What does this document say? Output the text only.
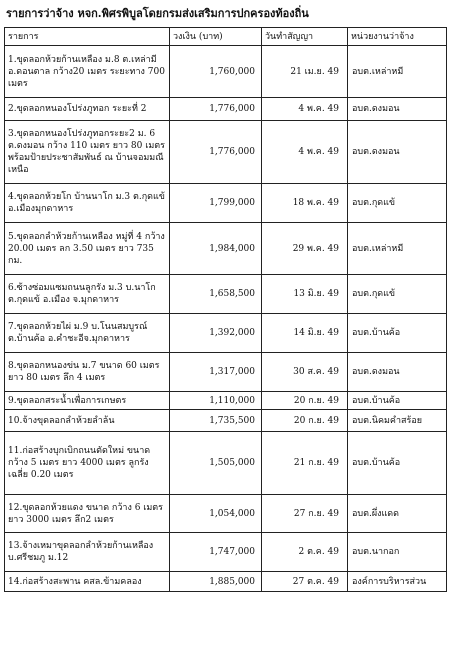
รายการว่าจ้าง หจก.พิศรพิบูลโดยกรมส่งเสริมการปกครองท้องถิ่น
รายการ	วงเงิน (บาท)	วันทำสัญญา	หน่วยงานว่าจ้าง
1.ขุดลอกห้วยก้านเหลือง ม.8 ต.เหล่ามี อ.ดอนตาล กว้าง20 เมตร ระยะทาง 700 เมตร	1,760,000	21 เม.ย. 49	อบต.เหล่าหมี
2.ขุดลอกหนองโปร่งภูทอก ระยะที่ 2	1,776,000	4 พ.ค. 49	อบต.ดงมอน
3.ขุดลอกหนองโปร่งภูทอกระยะ2 ม. 6 ต.ดงมอน กว้าง 110 เมตร ยาว 80 เมตร พร้อมป้ายประชาสัมพันธ์ ณ บ้านจอมมณีเหนือ	1,776,000	4 พ.ค. 49	อบต.ดงมอน
4.ขุดลอกห้วยโก บ้านนาโก ม.3 ต.กุดแข้ อ.เมืองมุกดาหาร	1,799,000	18 พ.ค. 49	อบต.กุดแข้
5.ขุดลอกลำห้วยก้านเหลือง หมู่ที่ 4 กว้าง 20.00 เมตร ลก 3.50 เมตร ยาว 735 กม.	1,984,000	29 พ.ค. 49	อบต.เหล่าหมี
6.ซ้างซ่อมแซมถนนลูกรัง ม.3 บ.นาโก ต.กุดแข้ อ.เมือง จ.มุกดาหาร	1,658,500	13 มิ.ย. 49	อบต.กุดแข้
7.ขุดลอกห้วยไผ่ ม.9 บ.โนนสมบูรณ์ ต.บ้านค้อ อ.คำชะอีจ.มุกดาหาร	1,392,000	14 มิ.ย. 49	อบต.บ้านค้อ
8.ขุดลอกหนองข่น ม.7 ขนาด 60 เมตร ยาว 80 เมตร ลึก 4 เมตร	1,317,000	30 ส.ค. 49	อบต.ดงมอน
9.ขุดลอกสระน้ำเพื่อการเกษตร	1,110,000	20 ก.ย. 49	อบต.บ้านค้อ
10.จ้างขุดลอกลำห้วยลำล้น	1,735,500	20 ก.ย. 49	อบต.นิคมคำสร้อย
11.ก่อสร้างบุกเบิกถนนตัดใหม่ ขนาดกว้าง 5 เมตร ยาว 4000 เมตร ลูกรังเฉลี่ย 0.20 เมตร	1,505,000	21 ก.ย. 49	อบต.บ้านค้อ
12.ขุดลอกห้วยแดง ขนาด กว้าง 6 เมตร ยาว 3000 เมตร ลึก2 เมตร	1,054,000	27 ก.ย. 49	อบต.ผึ่งแดด
13.จ้างเหมาขุดลอกลำห้วยก้านเหลือง บ.ศรีชมภู ม.12	1,747,000	2 ต.ค. 49	อบต.นากอก
14.ก่อสร้างสะพาน คสล.ข้ามคลอง	1,885,000	27 ต.ค. 49	องค์การบริหารส่วน
